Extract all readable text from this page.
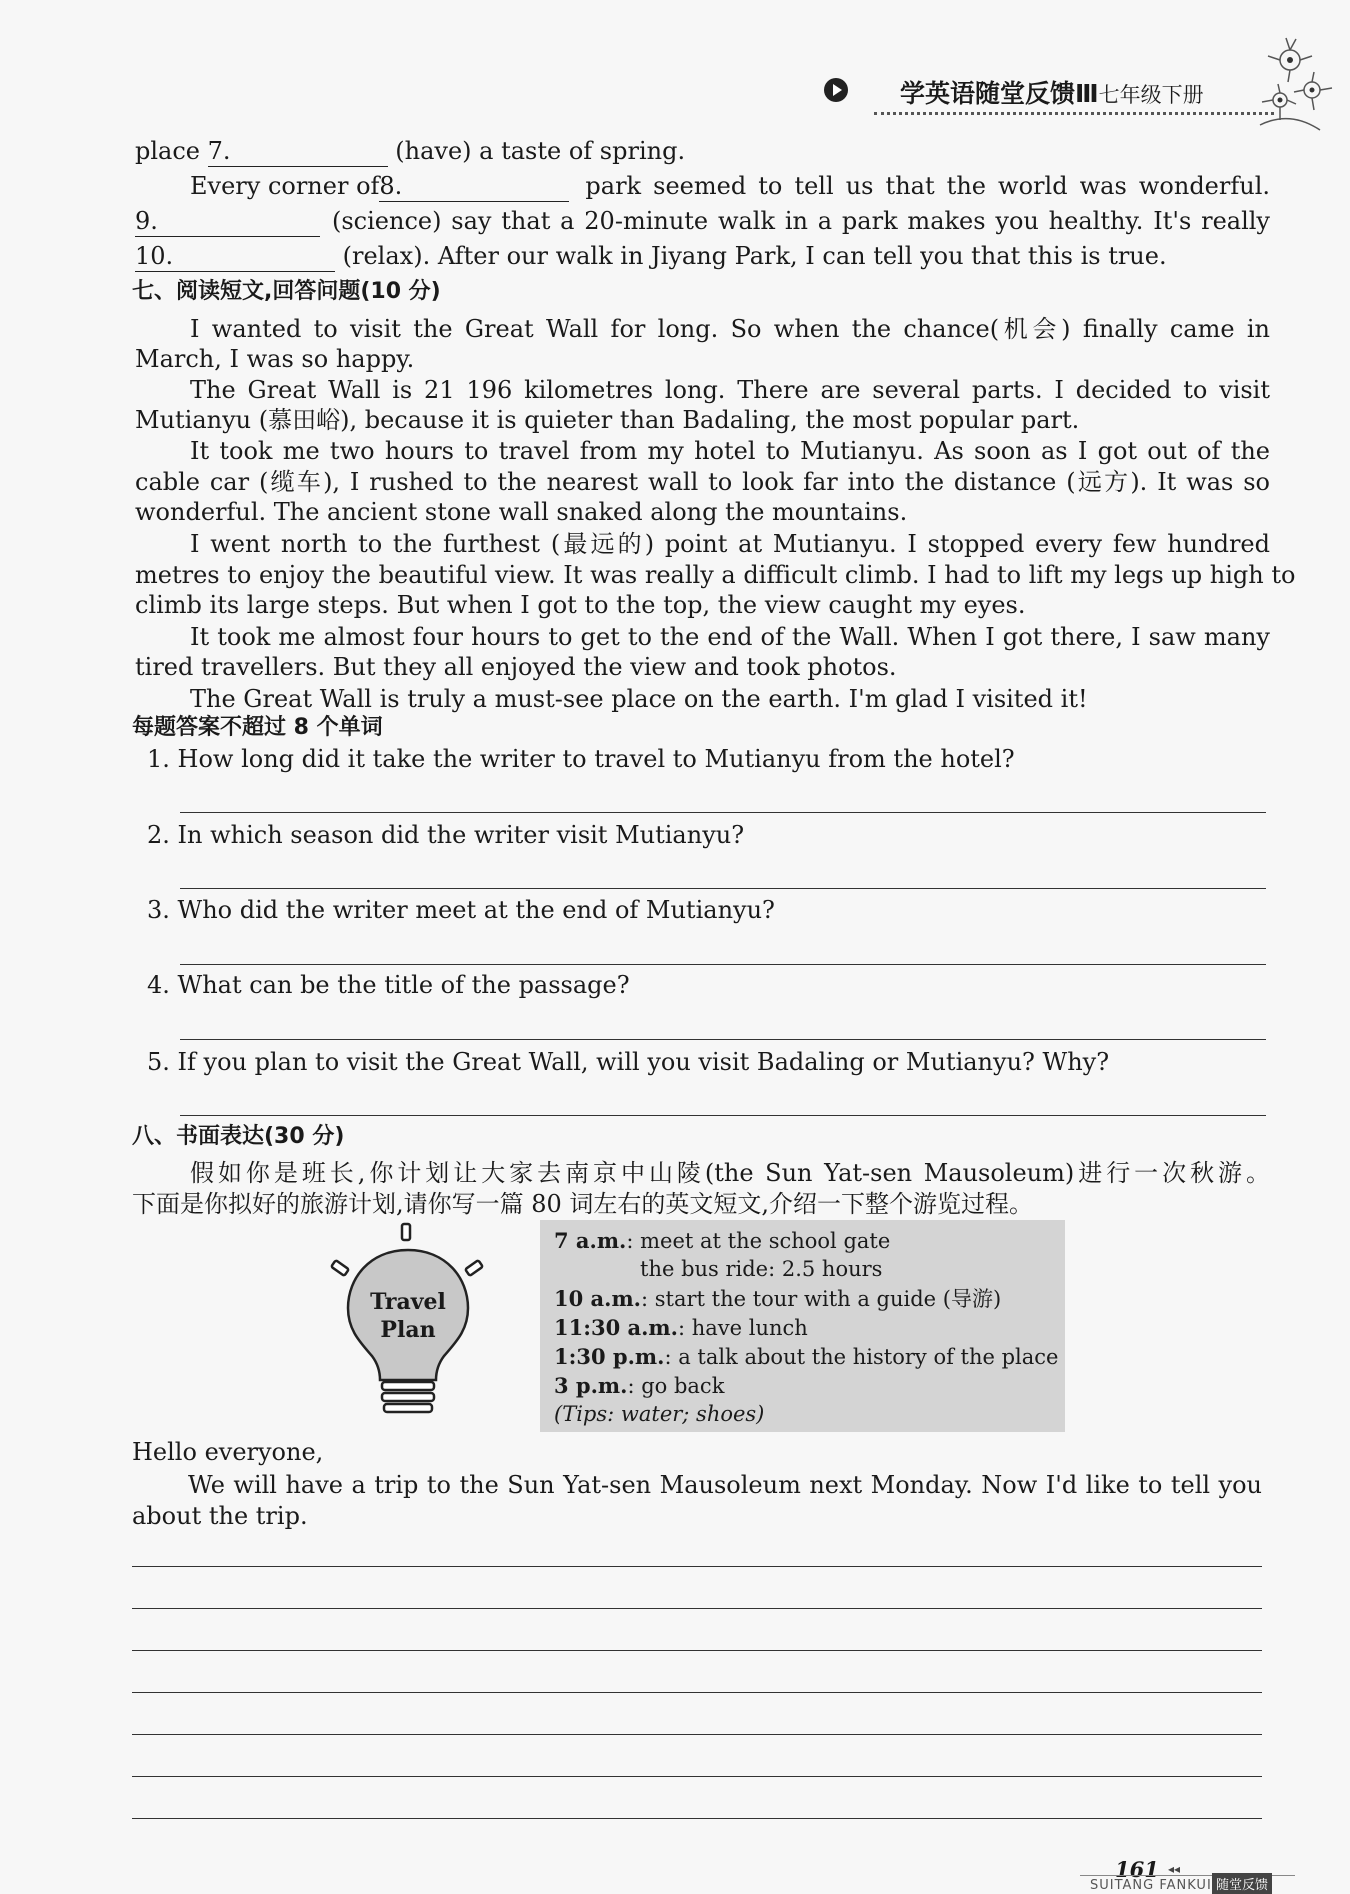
学英语随堂反馈Ⅲ七年级下册
place 7.	(have) a taste of spring.
Every corner of 8.	park seemed to tell us that the world was wonderful.
9.	(science) say that a 20-minute walk in a park makes you healthy. It's really
10.	(relax). After our walk in Jiyang Park, I can tell you that this is true.
七、阅读短文,回答问题(10 分)
I wanted to visit the Great Wall for long. So when the chance(机会) finally came in
March, I was so happy.
The Great Wall is 21 196 kilometres long. There are several parts. I decided to visit
Mutianyu (慕田峪), because it is quieter than Badaling, the most popular part.
It took me two hours to travel from my hotel to Mutianyu. As soon as I got out of the
cable car (缆车), I rushed to the nearest wall to look far into the distance (远方). It was so
wonderful. The ancient stone wall snaked along the mountains.
I went north to the furthest (最远的) point at Mutianyu. I stopped every few hundred
metres to enjoy the beautiful view. It was really a difficult climb. I had to lift my legs up high to
climb its large steps. But when I got to the top, the view caught my eyes.
It took me almost four hours to get to the end of the Wall. When I got there, I saw many
tired travellers. But they all enjoyed the view and took photos.
The Great Wall is truly a must-see place on the earth. I'm glad I visited it!
每题答案不超过 8 个单词
1. How long did it take the writer to travel to Mutianyu from the hotel?
2. In which season did the writer visit Mutianyu?
3. Who did the writer meet at the end of Mutianyu?
4. What can be the title of the passage?
5. If you plan to visit the Great Wall, will you visit Badaling or Mutianyu? Why?
八、书面表达(30 分)
假如你是班长,你计划让大家去南京中山陵(the Sun Yat-sen Mausoleum)进行一次秋游。
下面是你拟好的旅游计划,请你写一篇 80 词左右的英文短文,介绍一下整个游览过程。
Travel
Plan
7 a.m.: meet at the school gate
the bus ride: 2.5 hours
10 a.m.: start the tour with a guide (导游)
11:30 a.m.: have lunch
1:30 p.m.: a talk about the history of the place
3 p.m.: go back
(Tips: water; shoes)
Hello everyone,
We will have a trip to the Sun Yat-sen Mausoleum next Monday. Now I'd like to tell you
about the trip.
161 ◂◂
SUITANG FANKUI 随堂反馈
